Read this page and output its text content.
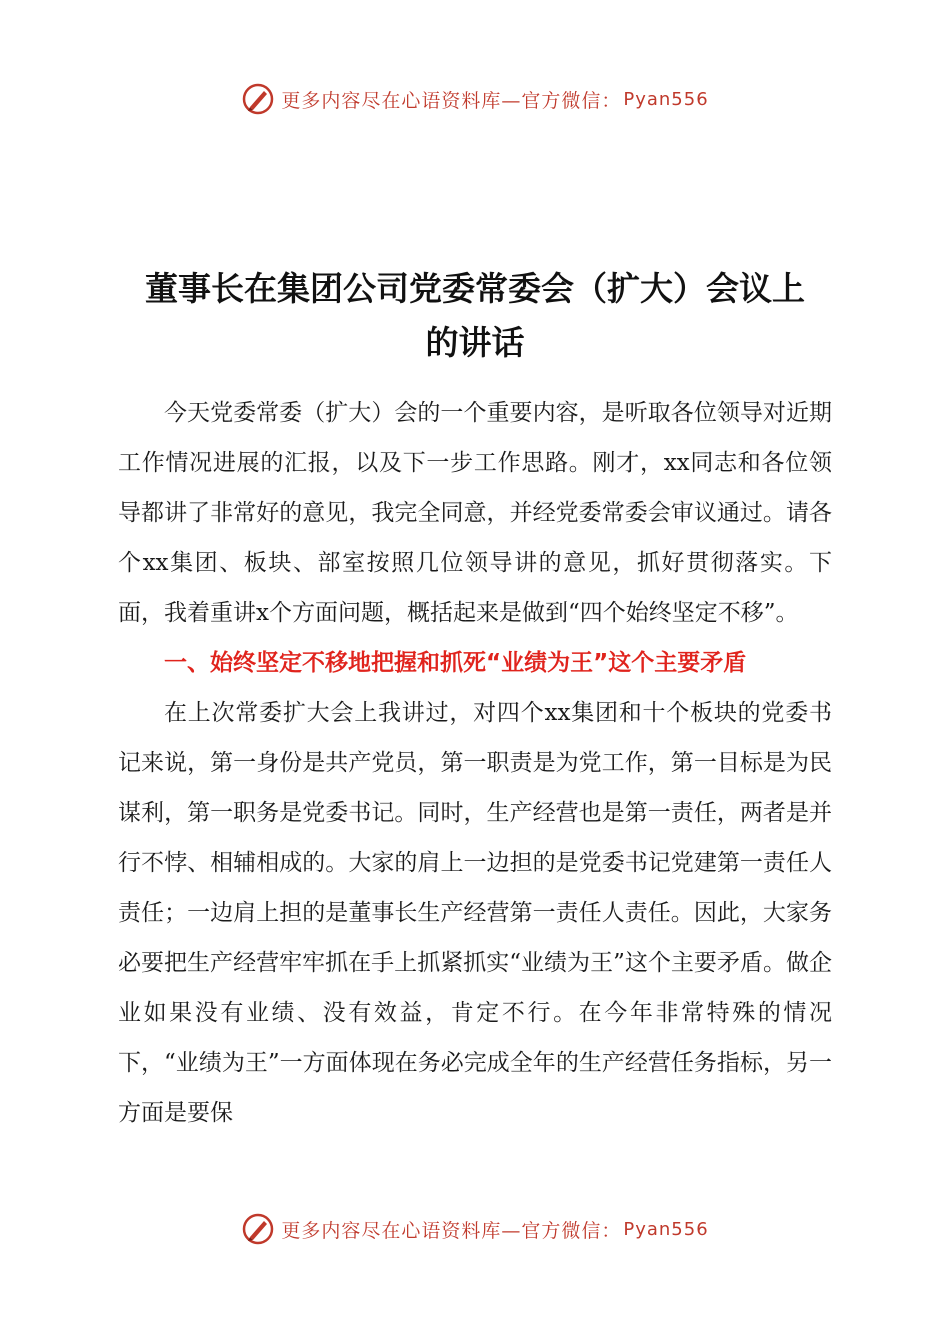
更多内容尽在心语资料库—官方微信： Pyan556
董事长在集团公司党委常委会（扩大）会议上
的讲话

今天党委常委（扩大）会的一个重要内容，是听取各位领导对近期工作情况进展的汇报，以及下一步工作思路。刚才，xx同志和各位领导都讲了非常好的意见，我完全同意，并经党委常委会审议通过。请各个xx集团、板块、部室按照几位领导讲的意见，抓好贯彻落实。下面，我着重讲x个方面问题，概括起来是做到“四个始终坚定不移”。

一、始终坚定不移地把握和抓死“业绩为王”这个主要矛盾

在上次常委扩大会上我讲过，对四个xx集团和十个板块的党委书记来说，第一身份是共产党员，第一职责是为党工作，第一目标是为民谋利，第一职务是党委书记。同时，生产经营也是第一责任，两者是并行不悖、相辅相成的。大家的肩上一边担的是党委书记党建第一责任人责任；一边肩上担的是董事长生产经营第一责任人责任。因此，大家务必要把生产经营牢牢抓在手上抓紧抓实“业绩为王”这个主要矛盾。做企业如果没有业绩、没有效益，肯定不行。在今年非常特殊的情况下，“业绩为王”一方面体现在务必完成全年的生产经营任务指标，另一方面是要保

更多内容尽在心语资料库—官方微信： Pyan556
